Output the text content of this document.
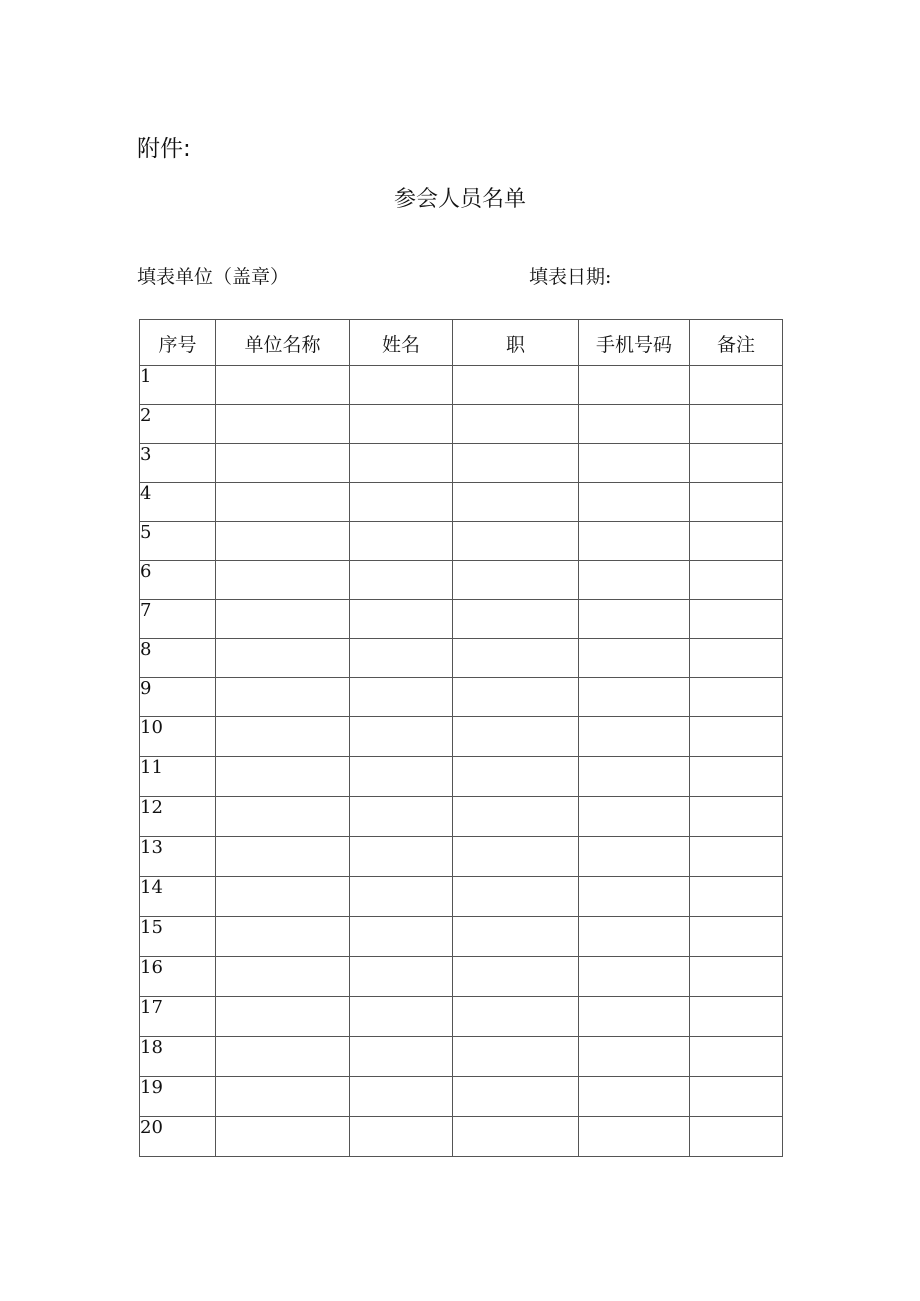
附件:
参会人员名单
填表单位（盖章）	填表日期:
序号	单位名称	姓名	职	手机号码	备注
1					
2					
3					
4					
5					
6					
7					
8					
9					
10					
11					
12					
13					
14					
15					
16					
17					
18					
19					
20					
